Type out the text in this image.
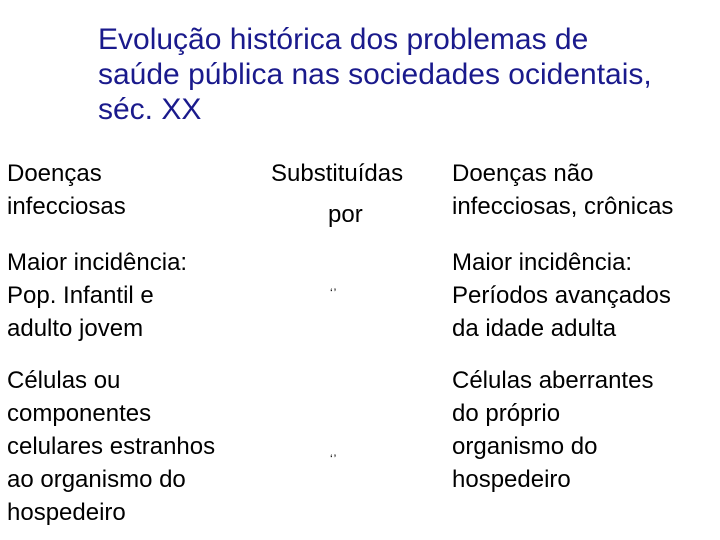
Evolução histórica dos problemas de
saúde pública nas sociedades ocidentais,
séc. XX
Doenças
infecciosas
Substituídas
por
Doenças não
infecciosas, crônicas
Maior incidência:
Pop. Infantil e
adulto jovem
‘’
Maior incidência:
Períodos avançados
da idade adulta
Células ou
componentes
celulares estranhos
ao organismo do
hospedeiro
‘’
Células aberrantes
do próprio
organismo do
hospedeiro
